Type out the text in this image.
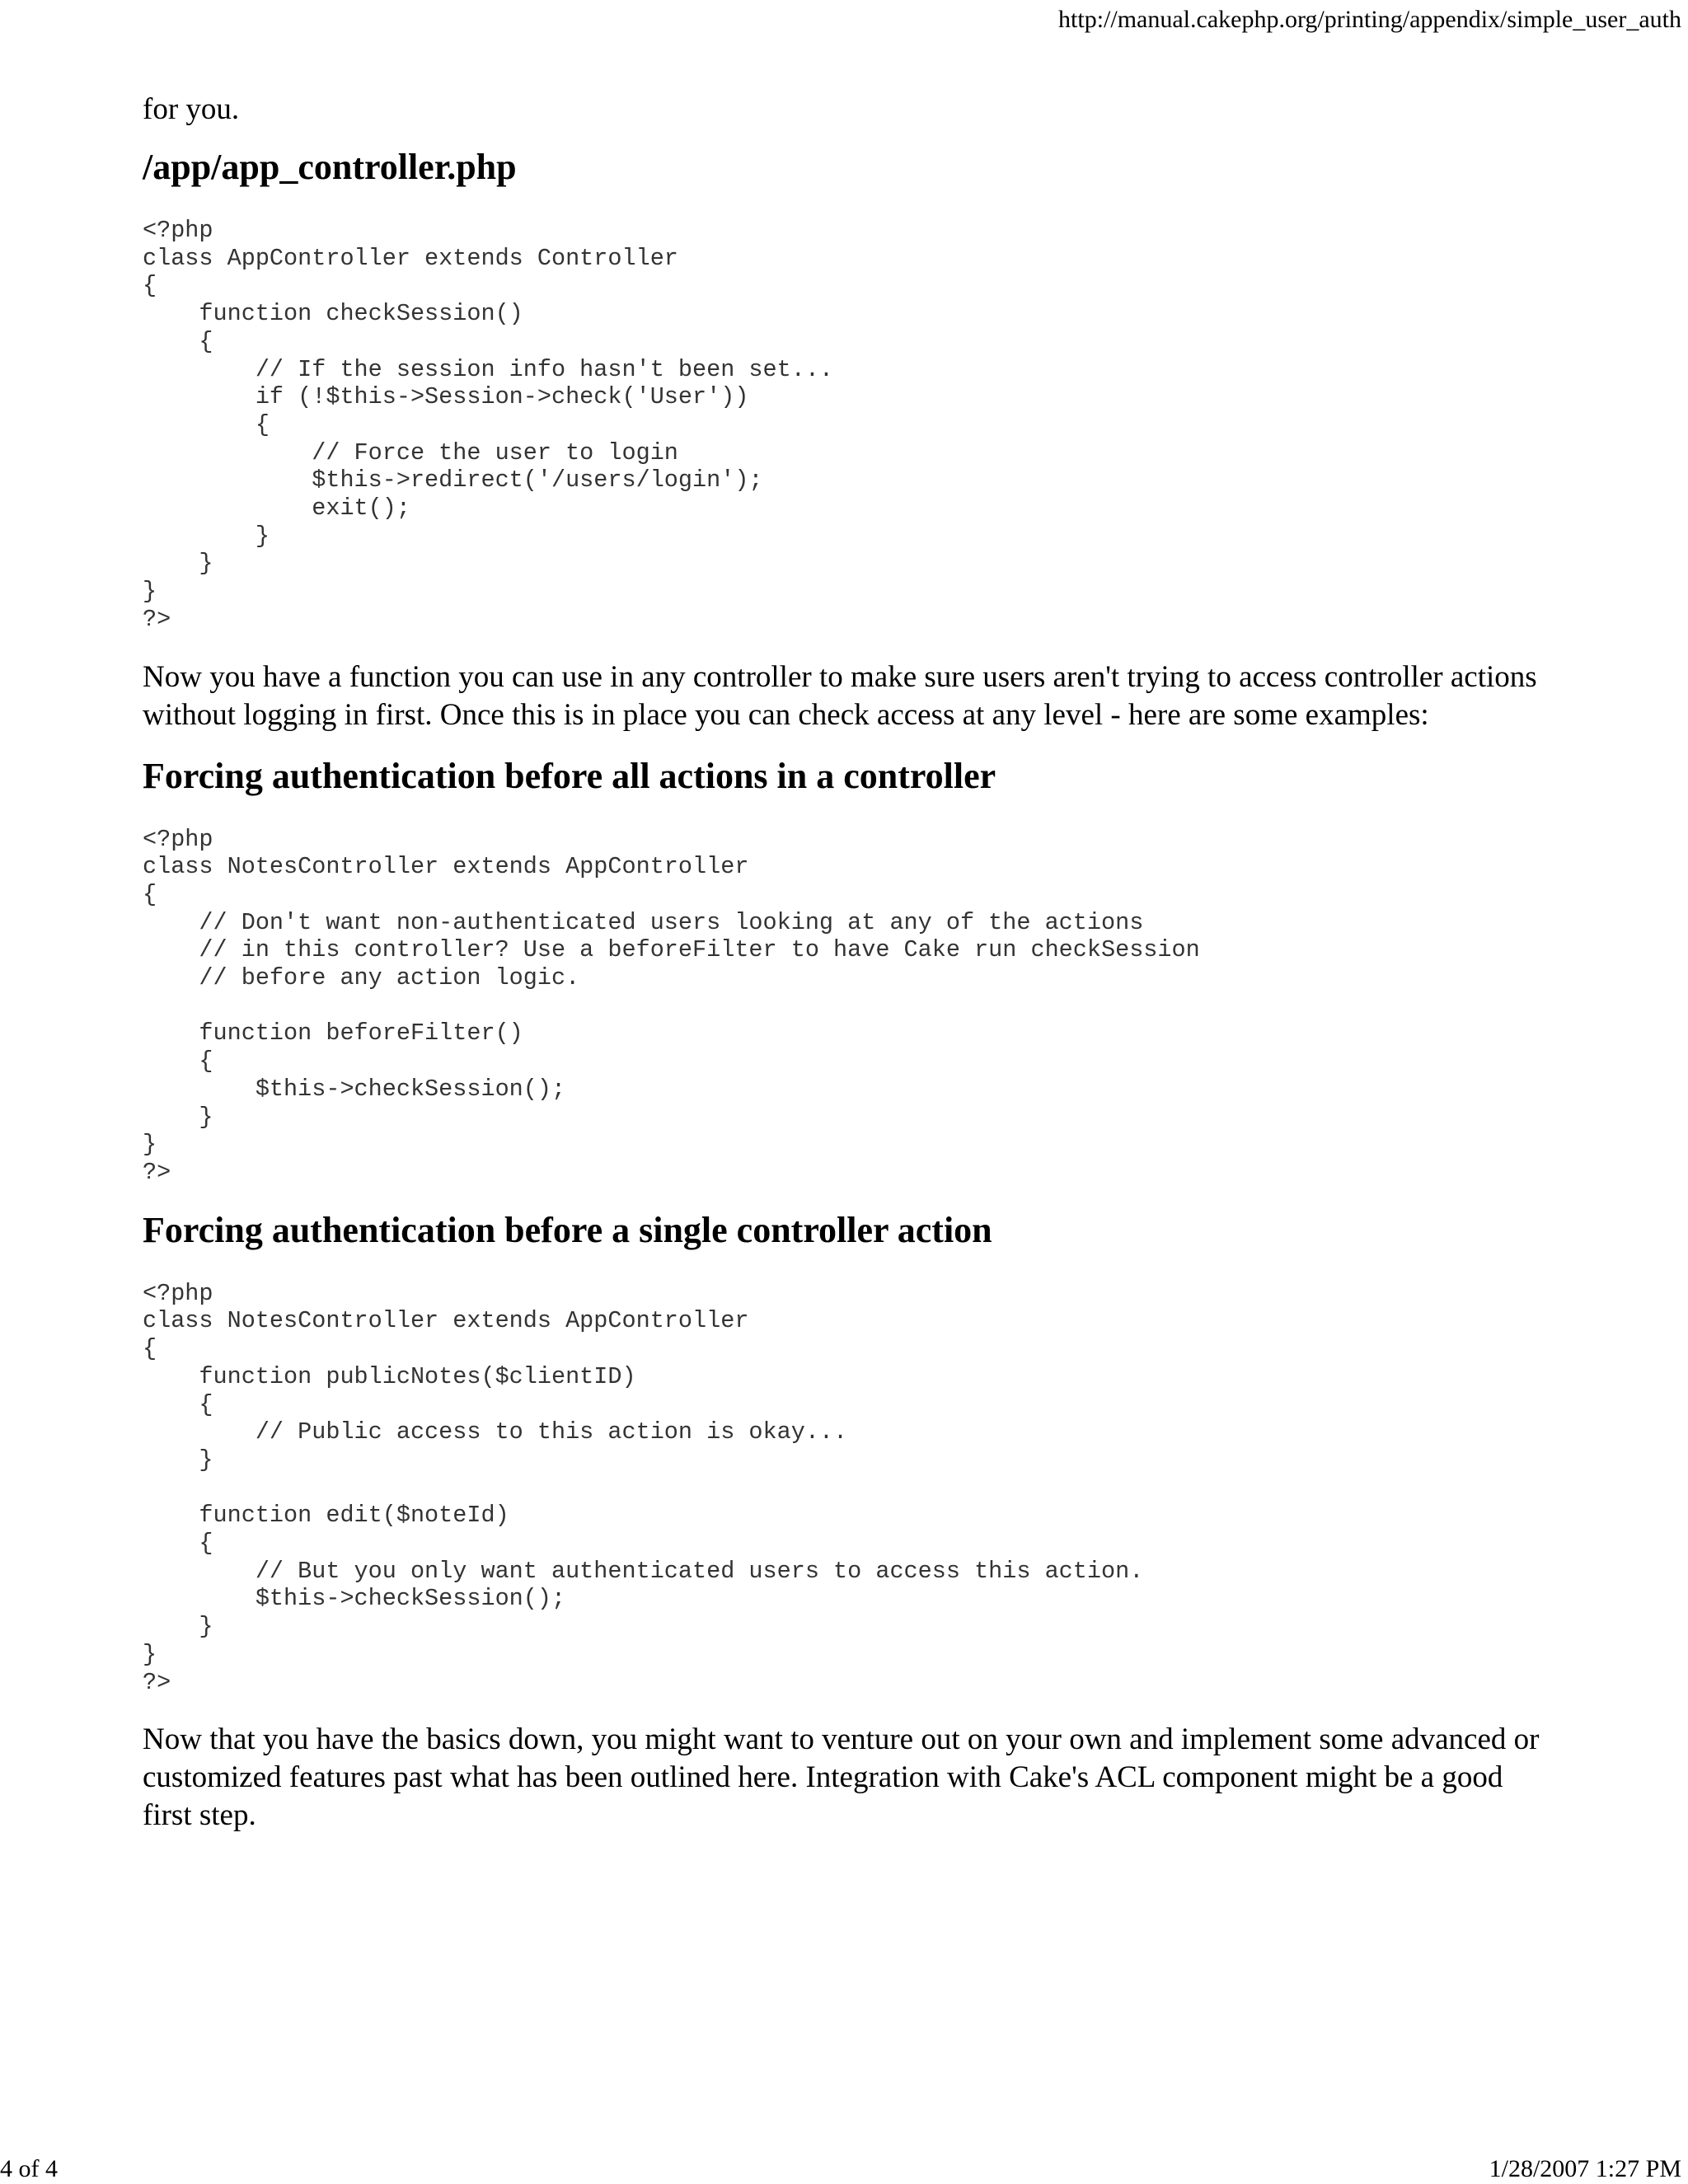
http://manual.cakephp.org/printing/appendix/simple_user_auth

for you.

/app/app_controller.php
<?php
class AppController extends Controller
{
function checkSession()
{
// If the session info hasn't been set...
if (!$this->Session->check('User'))
{
// Force the user to login
$this->redirect('/users/login');
exit();
}
}
}
?>

Now you have a function you can use in any controller to make sure users aren't trying to access controller actions without logging in first. Once this is in place you can check access at any level - here are some examples:

Forcing authentication before all actions in a controller
<?php
class NotesController extends AppController
{
// Don't want non-authenticated users looking at any of the actions
// in this controller? Use a beforeFilter to have Cake run checkSession
// before any action logic.

function beforeFilter()
{
$this->checkSession();
}
}
?>
Forcing authentication before a single controller action
<?php
class NotesController extends AppController
{
function publicNotes($clientID)
{
// Public access to this action is okay...
}

function edit($noteId)
{
// But you only want authenticated users to access this action.
$this->checkSession();
}
}
?>

Now that you have the basics down, you might want to venture out on your own and implement some advanced or customized features past what has been outlined here. Integration with Cake's ACL component might be a good first step.

4 of 4	1/28/2007 1:27 PM
